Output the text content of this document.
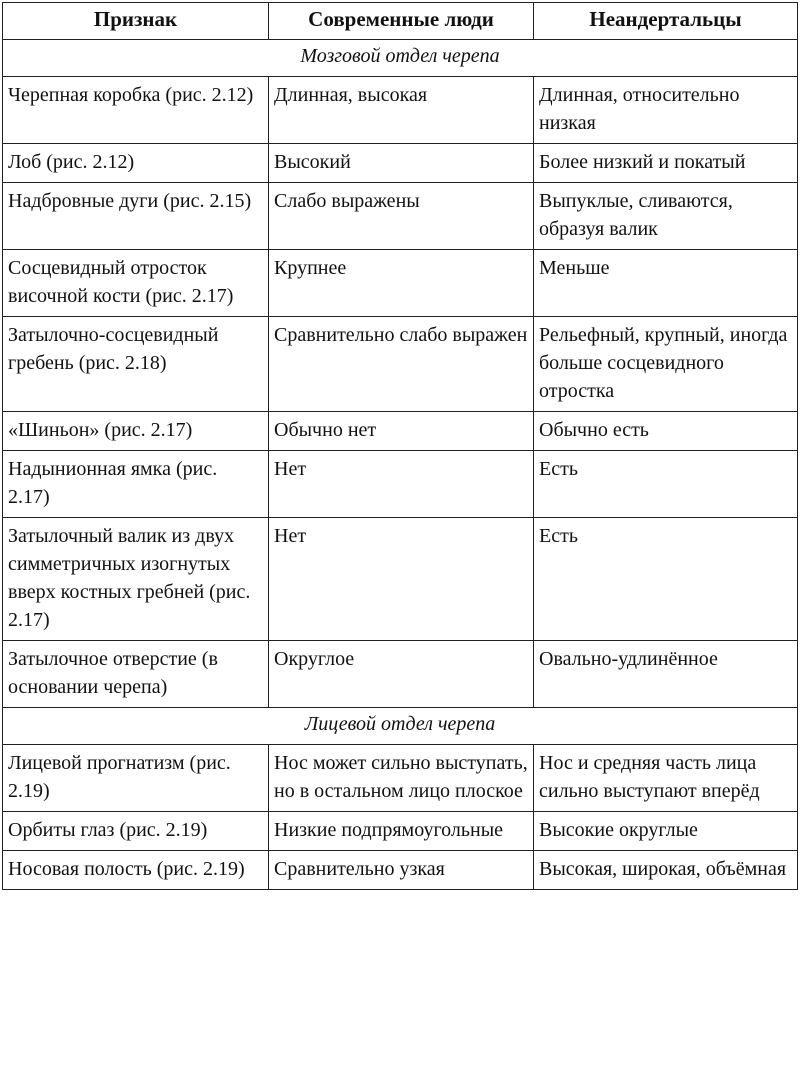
Признак	Современные люди	Неандертальцы
Мозговой отдел черепа		
Черепная коробка (рис. 2.12)	Длинная, высокая	Длинная, относительно низкая
Лоб (рис. 2.12)	Высокий	Более низкий и покатый
Надбровные дуги (рис. 2.15)	Слабо выражены	Выпуклые, сливаются, образуя валик
Сосцевидный отросток височной кости (рис. 2.17)	Крупнее	Меньше
Затылочно-сосцевидный гребень (рис. 2.18)	Сравнительно слабо выражен	Рельефный, крупный, иногда больше сосцевидного отростка
«Шиньон» (рис. 2.17)	Обычно нет	Обычно есть
Надынионная ямка (рис. 2.17)	Нет	Есть
Затылочный валик из двух симметричных изогнутых вверх костных гребней (рис. 2.17)	Нет	Есть
Затылочное отверстие (в основании черепа)	Округлое	Овально-удлинённое
Лицевой отдел черепа		
Лицевой прогнатизм (рис. 2.19)	Нос может сильно выступать, но в остальном лицо плоское	Нос и средняя часть лица сильно выступают вперёд
Орбиты глаз (рис. 2.19)	Низкие подпрямоугольные	Высокие округлые
Носовая полость (рис. 2.19)	Сравнительно узкая	Высокая, широкая, объёмная
